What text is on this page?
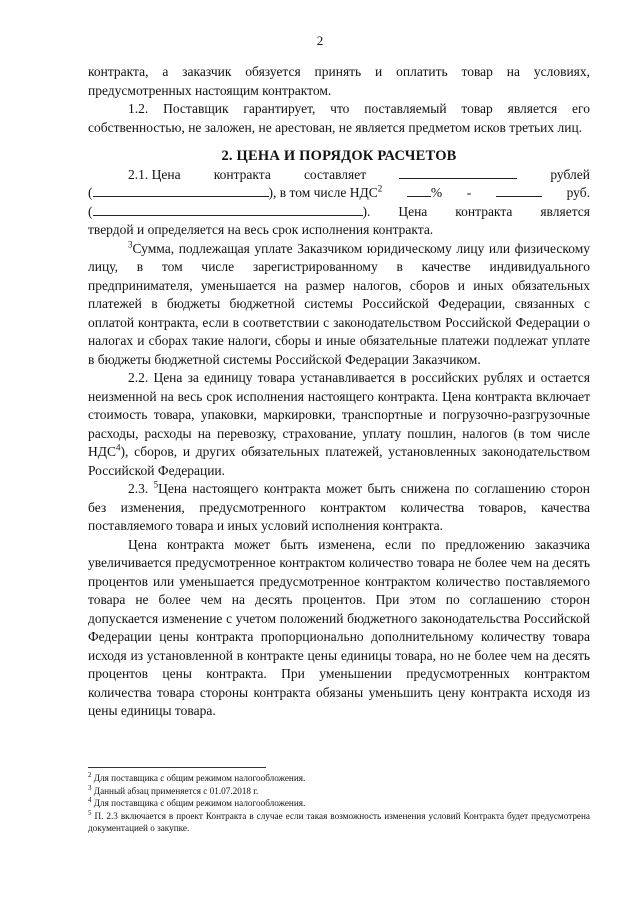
2

контракта, а заказчик обязуется принять и оплатить товар на условиях, предусмотренных настоящим контрактом.

1.2. Поставщик гарантирует, что поставляемый товар является его собственностью, не заложен, не арестован, не является предметом исков третьих лиц.

2. ЦЕНА И ПОРЯДОК РАСЧЕТОВ

2.1. Цена контракта составляет	рублей
(	), в том числе НДС$^2$	% -	руб.
(	). Цена контракта является

твердой и определяется на весь срок исполнения контракта.

$^3$Сумма, подлежащая уплате Заказчиком юридическому лицу или физическому лицу, в том числе зарегистрированному в качестве индивидуального предпринимателя, уменьшается на размер налогов, сборов и иных обязательных платежей в бюджеты бюджетной системы Российской Федерации, связанных с оплатой контракта, если в соответствии с законодательством Российской Федерации о налогах и сборах такие налоги, сборы и иные обязательные платежи подлежат уплате в бюджеты бюджетной системы Российской Федерации Заказчиком.

2.2. Цена за единицу товара устанавливается в российских рублях и остается неизменной на весь срок исполнения настоящего контракта. Цена контракта включает стоимость товара, упаковки, маркировки, транспортные и погрузочно-разгрузочные расходы, расходы на перевозку, страхование, уплату пошлин, налогов (в том числе НДС$^4$), сборов, и других обязательных платежей, установленных законодательством Российской Федерации.

2.3. $^5$Цена настоящего контракта может быть снижена по соглашению сторон без изменения, предусмотренного контрактом количества товаров, качества поставляемого товара и иных условий исполнения контракта.

Цена контракта может быть изменена, если по предложению заказчика увеличивается предусмотренное контрактом количество товара не более чем на десять процентов или уменьшается предусмотренное контрактом количество поставляемого товара не более чем на десять процентов. При этом по соглашению сторон допускается изменение с учетом положений бюджетного законодательства Российской Федерации цены контракта пропорционально дополнительному количеству товара исходя из установленной в контракте цены единицы товара, но не более чем на десять процентов цены контракта. При уменьшении предусмотренных контрактом количества товара стороны контракта обязаны уменьшить цену контракта исходя из цены единицы товара.

$^2$ Для поставщика с общим режимом налогообложения.

$^3$ Данный абзац применяется с 01.07.2018 г.

$^4$ Для поставщика с общим режимом налогообложения.

$^5$ П. 2.3 включается в проект Контракта в случае если такая возможность изменения условий Контракта будет предусмотрена документацией о закупке.
